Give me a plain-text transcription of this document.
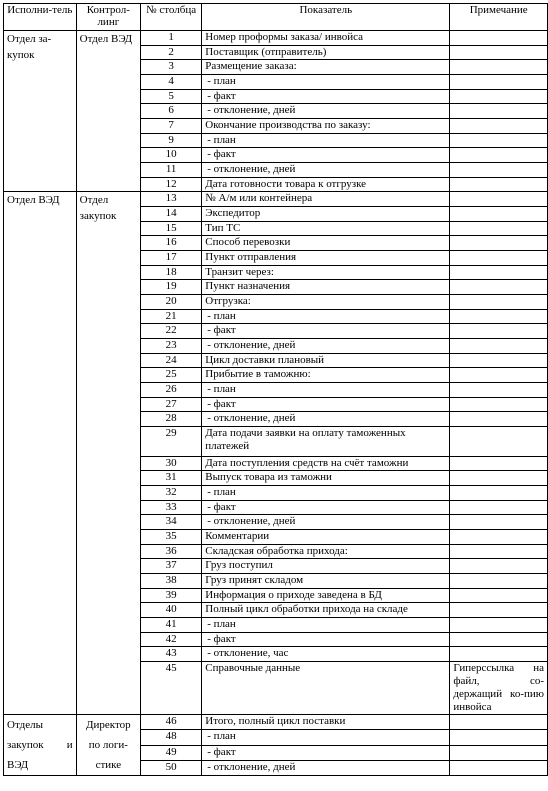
Исполни-тель	Контрол-линг	№ столбца	Показатель	Примечание
Отдел за-купок	Отдел ВЭД	1	Номер проформы заказа/ инвойса	
		2	Поставщик (отправитель)	
		3	Размещение заказа:	
		4	- план	
		5	- факт	
		6	- отклонение, дней	
		7	Окончание производства по заказу:	
		9	- план	
		10	- факт	
		11	- отклонение, дней	
		12	Дата готовности товара к отгрузке	
Отдел ВЭД	Отдел закупок	13	№ А/м или контейнера	
		14	Экспедитор	
		15	Тип ТС	
		16	Способ перевозки	
		17	Пункт отправления	
		18	Транзит через:	
		19	Пункт назначения	
		20	Отгрузка:	
		21	- план	
		22	- факт	
		23	- отклонение, дней	
		24	Цикл доставки плановый	
		25	Прибытие в таможню:	
		26	- план	
		27	- факт	
		28	- отклонение, дней	
		29	Дата подачи заявки на оплату таможенных платежей	
		30	Дата поступления средств на счёт таможни	
		31	Выпуск товара из таможни	
		32	- план	
		33	- факт	
		34	- отклонение, дней	
		35	Комментарии	
		36	Складская обработка прихода:	
		37	Груз поступил	
		38	Груз принят складом	
		39	Информация о приходе заведена в БД	
		40	Полный цикл обработки прихода на складе	
		41	- план	
		42	- факт	
		43	- отклонение, час	
		45	Справочные данные	Гиперссылка на файл, со-держащий ко-пию инвойса
Отделы закупок и ВЭД	Директор по логи-стике	46	Итого, полный цикл поставки	
		48	- план	
		49	- факт	
		50	- отклонение, дней	
